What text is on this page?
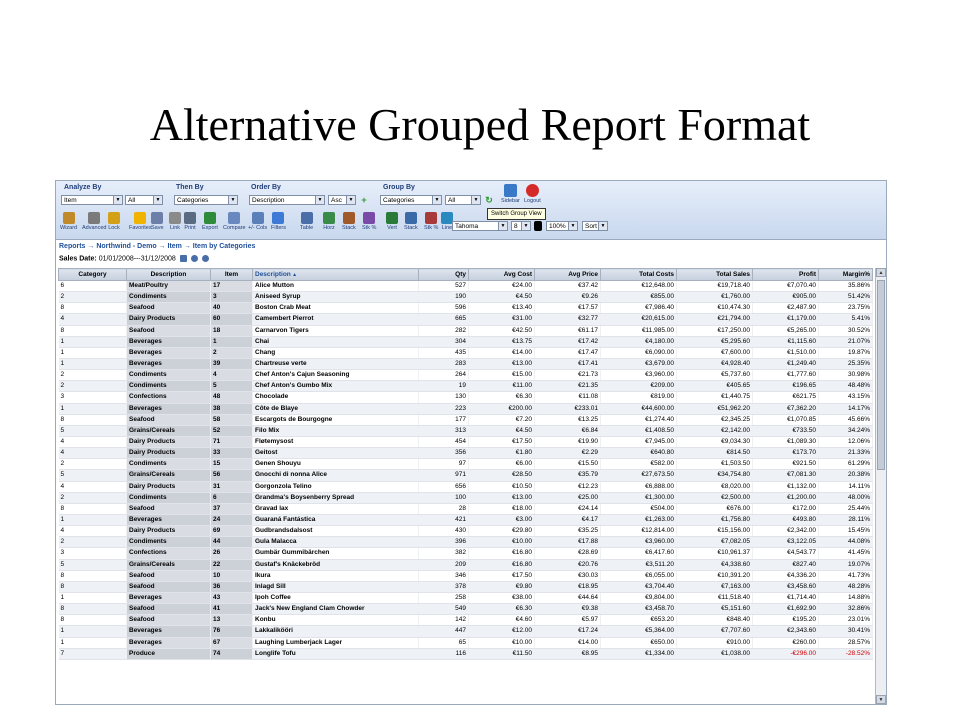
Alternative Grouped Report Format
Analyze By
Item	▼	All	▼
Then By
Categories	▼
Order By
Description	▼	Asc	▼ +
Group By
Categories	▼	All	▼ ↻ Sidebar Logout
Switch Group View
Wizard Advanced Lock Favorites Save Link Print Export Compare +/- Cols Filters	Table Horz Stack Stk % Vert Stack Stk % Line Tahoma	▼	8	▼	100% ▼	Sort ▼
Reports → Northwind - Demo → Item → Item by Categories
Sales Date: 01/01/2008---31/12/2008
Category	Description	Item	Description ▲	Qty	Avg Cost	Avg Price	Total Costs	Total Sales	Profit	Margin%
6	Meat/Poultry	17	Alice Mutton	527	€24.00	€37.42	€12,648.00	€19,718.40	€7,070.40	35.86%
2	Condiments	3	Aniseed Syrup	190	€4.50	€9.26	€855.00	€1,760.00	€905.00	51.42%
8	Seafood	40	Boston Crab Meat	596	€13.40	€17.57	€7,986.40	€10,474.30	€2,487.90	23.75%
4	Dairy Products	60	Camembert Pierrot	665	€31.00	€32.77	€20,615.00	€21,794.00	€1,179.00	5.41%
8	Seafood	18	Carnarvon Tigers	282	€42.50	€61.17	€11,985.00	€17,250.00	€5,265.00	30.52%
1	Beverages	1	Chai	304	€13.75	€17.42	€4,180.00	€5,295.60	€1,115.60	21.07%
1	Beverages	2	Chang	435	€14.00	€17.47	€6,090.00	€7,600.00	€1,510.00	19.87%
1	Beverages	39	Chartreuse verte	283	€13.00	€17.41	€3,679.00	€4,928.40	€1,249.40	25.35%
2	Condiments	4	Chef Anton's Cajun Seasoning	264	€15.00	€21.73	€3,960.00	€5,737.60	€1,777.60	30.98%
2	Condiments	5	Chef Anton's Gumbo Mix	19	€11.00	€21.35	€209.00	€405.65	€196.65	48.48%
3	Confections	48	Chocolade	130	€6.30	€11.08	€819.00	€1,440.75	€621.75	43.15%
1	Beverages	38	Côte de Blaye	223	€200.00	€233.01	€44,600.00	€51,962.20	€7,362.20	14.17%
8	Seafood	58	Escargots de Bourgogne	177	€7.20	€13.25	€1,274.40	€2,345.25	€1,070.85	45.66%
5	Grains/Cereals	52	Filo Mix	313	€4.50	€6.84	€1,408.50	€2,142.00	€733.50	34.24%
4	Dairy Products	71	Fløtemysost	454	€17.50	€19.90	€7,945.00	€9,034.30	€1,089.30	12.06%
4	Dairy Products	33	Geitost	356	€1.80	€2.29	€640.80	€814.50	€173.70	21.33%
2	Condiments	15	Genen Shouyu	97	€6.00	€15.50	€582.00	€1,503.50	€921.50	61.29%
5	Grains/Cereals	56	Gnocchi di nonna Alice	971	€28.50	€35.79	€27,673.50	€34,754.80	€7,081.30	20.38%
4	Dairy Products	31	Gorgonzola Telino	656	€10.50	€12.23	€6,888.00	€8,020.00	€1,132.00	14.11%
2	Condiments	6	Grandma's Boysenberry Spread	100	€13.00	€25.00	€1,300.00	€2,500.00	€1,200.00	48.00%
8	Seafood	37	Gravad lax	28	€18.00	€24.14	€504.00	€676.00	€172.00	25.44%
1	Beverages	24	Guaraná Fantástica	421	€3.00	€4.17	€1,263.00	€1,756.80	€493.80	28.11%
4	Dairy Products	69	Gudbrandsdalsost	430	€29.80	€35.25	€12,814.00	€15,156.00	€2,342.00	15.45%
2	Condiments	44	Gula Malacca	396	€10.00	€17.88	€3,960.00	€7,082.05	€3,122.05	44.08%
3	Confections	26	Gumbär Gummibärchen	382	€16.80	€28.69	€6,417.60	€10,961.37	€4,543.77	41.45%
5	Grains/Cereals	22	Gustaf's Knäckebröd	209	€16.80	€20.76	€3,511.20	€4,338.60	€827.40	19.07%
8	Seafood	10	Ikura	346	€17.50	€30.03	€6,055.00	€10,391.20	€4,336.20	41.73%
8	Seafood	36	Inlagd Sill	378	€9.80	€18.95	€3,704.40	€7,163.00	€3,458.60	48.28%
1	Beverages	43	Ipoh Coffee	258	€38.00	€44.64	€9,804.00	€11,518.40	€1,714.40	14.88%
8	Seafood	41	Jack's New England Clam Chowder	549	€6.30	€9.38	€3,458.70	€5,151.60	€1,692.90	32.86%
8	Seafood	13	Konbu	142	€4.60	€5.97	€653.20	€848.40	€195.20	23.01%
1	Beverages	76	Lakkalikööri	447	€12.00	€17.24	€5,364.00	€7,707.60	€2,343.60	30.41%
1	Beverages	67	Laughing Lumberjack Lager	65	€10.00	€14.00	€650.00	€910.00	€260.00	28.57%
7	Produce	74	Longlife Tofu	116	€11.50	€8.95	€1,334.00	€1,038.00	-€296.00	-28.52%
▲
▼
